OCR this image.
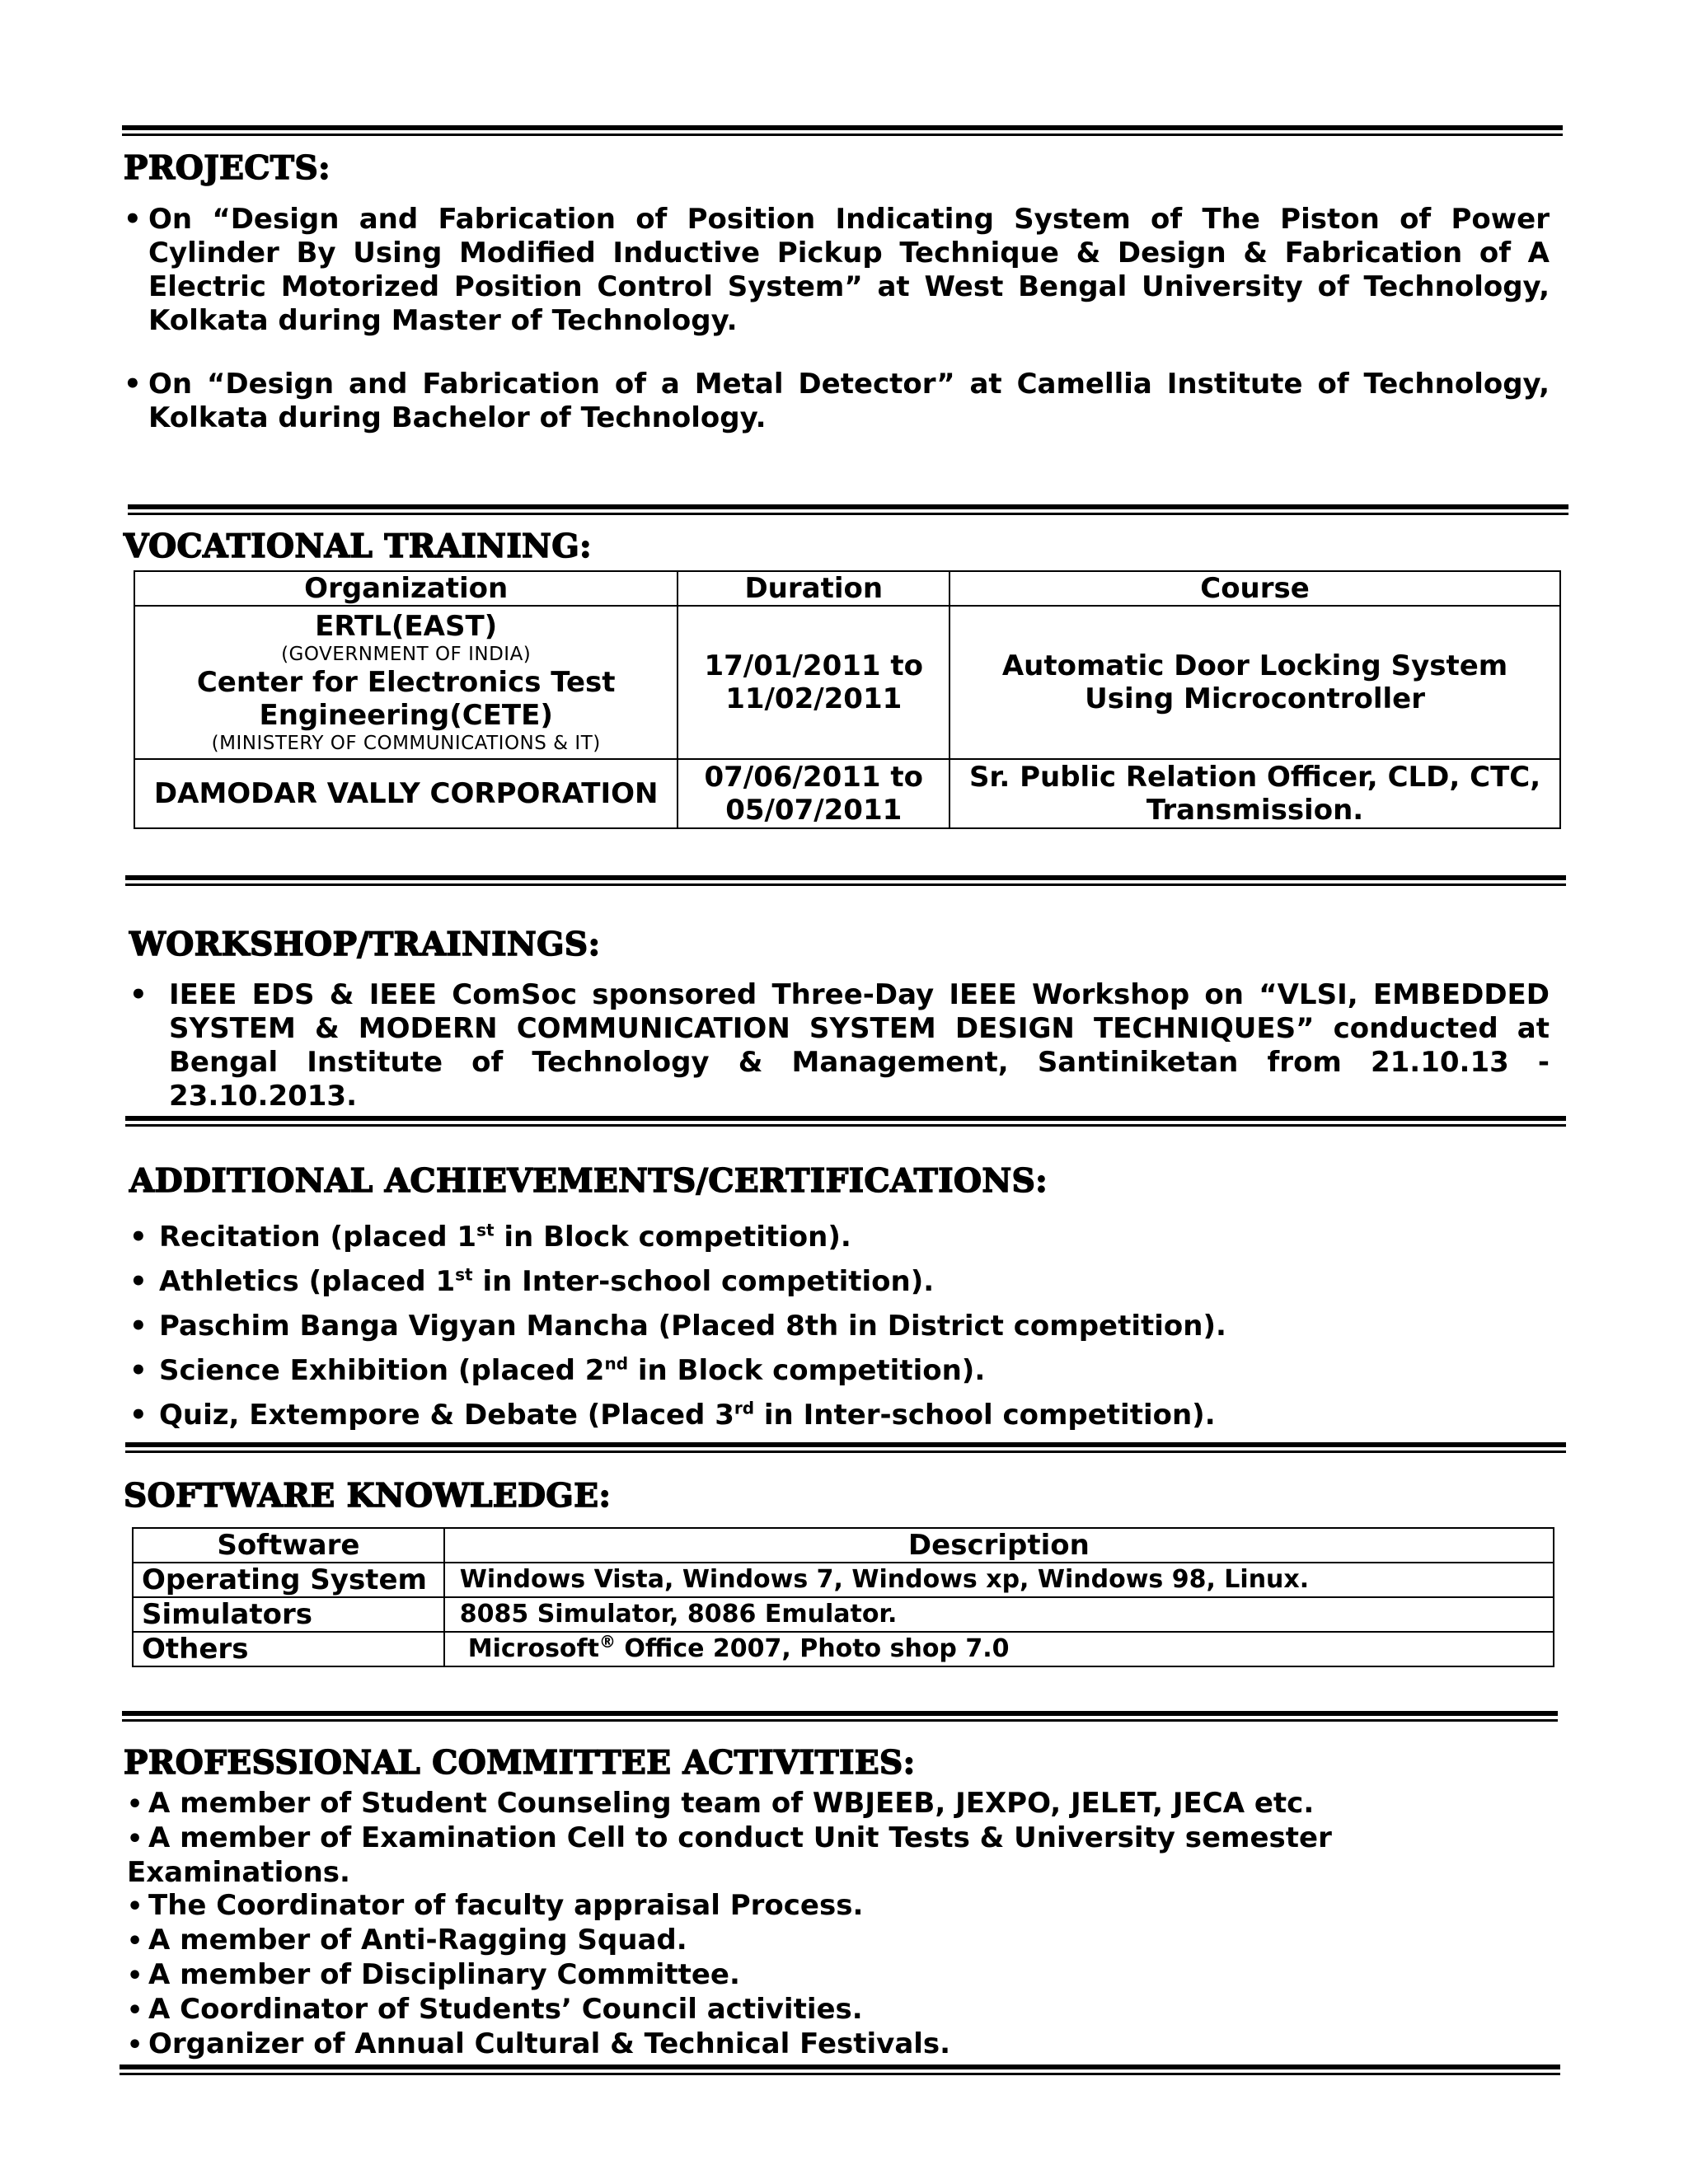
PROJECTS:
• On “Design and Fabrication of Position Indicating System of The Piston of Power Cylinder By Using Modified Inductive Pickup Technique & Design & Fabrication of A Electric Motorized Position Control System” at West Bengal University of Technology, Kolkata during Master of Technology.
• On “Design and Fabrication of a Metal Detector” at Camellia Institute of Technology, Kolkata during Bachelor of Technology.
VOCATIONAL TRAINING:
Organization	Duration	Course

ERTL(EAST)
(GOVERNMENT OF INDIA)
Center for Electronics Test Engineering(CETE)
(MINISTERY OF COMMUNICATIONS & IT)	17/01/2011 to 11/02/2011	Automatic Door Locking System Using Microcontroller

DAMODAR VALLY CORPORATION	07/06/2011 to 05/07/2011	Sr. Public Relation Officer, CLD, CTC, Transmission.
WORKSHOP/TRAININGS:
• IEEE EDS & IEEE ComSoc sponsored Three-Day IEEE Workshop on “VLSI, EMBEDDED SYSTEM & MODERN COMMUNICATION SYSTEM DESIGN TECHNIQUES” conducted at Bengal Institute of Technology & Management, Santiniketan from 21.10.13 - 23.10.2013.
ADDITIONAL ACHIEVEMENTS/CERTIFICATIONS:
• Recitation (placed 1st in Block competition).
• Athletics (placed 1st in Inter-school competition).
• Paschim Banga Vigyan Mancha (Placed 8th in District competition).
• Science Exhibition (placed 2nd in Block competition).
• Quiz, Extempore & Debate (Placed 3rd in Inter-school competition).
SOFTWARE KNOWLEDGE:
Software	Description
Operating System	Windows Vista, Windows 7, Windows xp, Windows 98, Linux.
Simulators	8085 Simulator, 8086 Emulator.
Others	Microsoft® Office 2007, Photo shop 7.0
PROFESSIONAL COMMITTEE ACTIVITIES:
• A member of Student Counseling team of WBJEEB, JEXPO, JELET, JECA etc.
• A member of Examination Cell to conduct Unit Tests & University semester Examinations.
• The Coordinator of faculty appraisal Process.
• A member of Anti-Ragging Squad.
• A member of Disciplinary Committee.
• A Coordinator of Students’ Council activities.
• Organizer of Annual Cultural & Technical Festivals.
